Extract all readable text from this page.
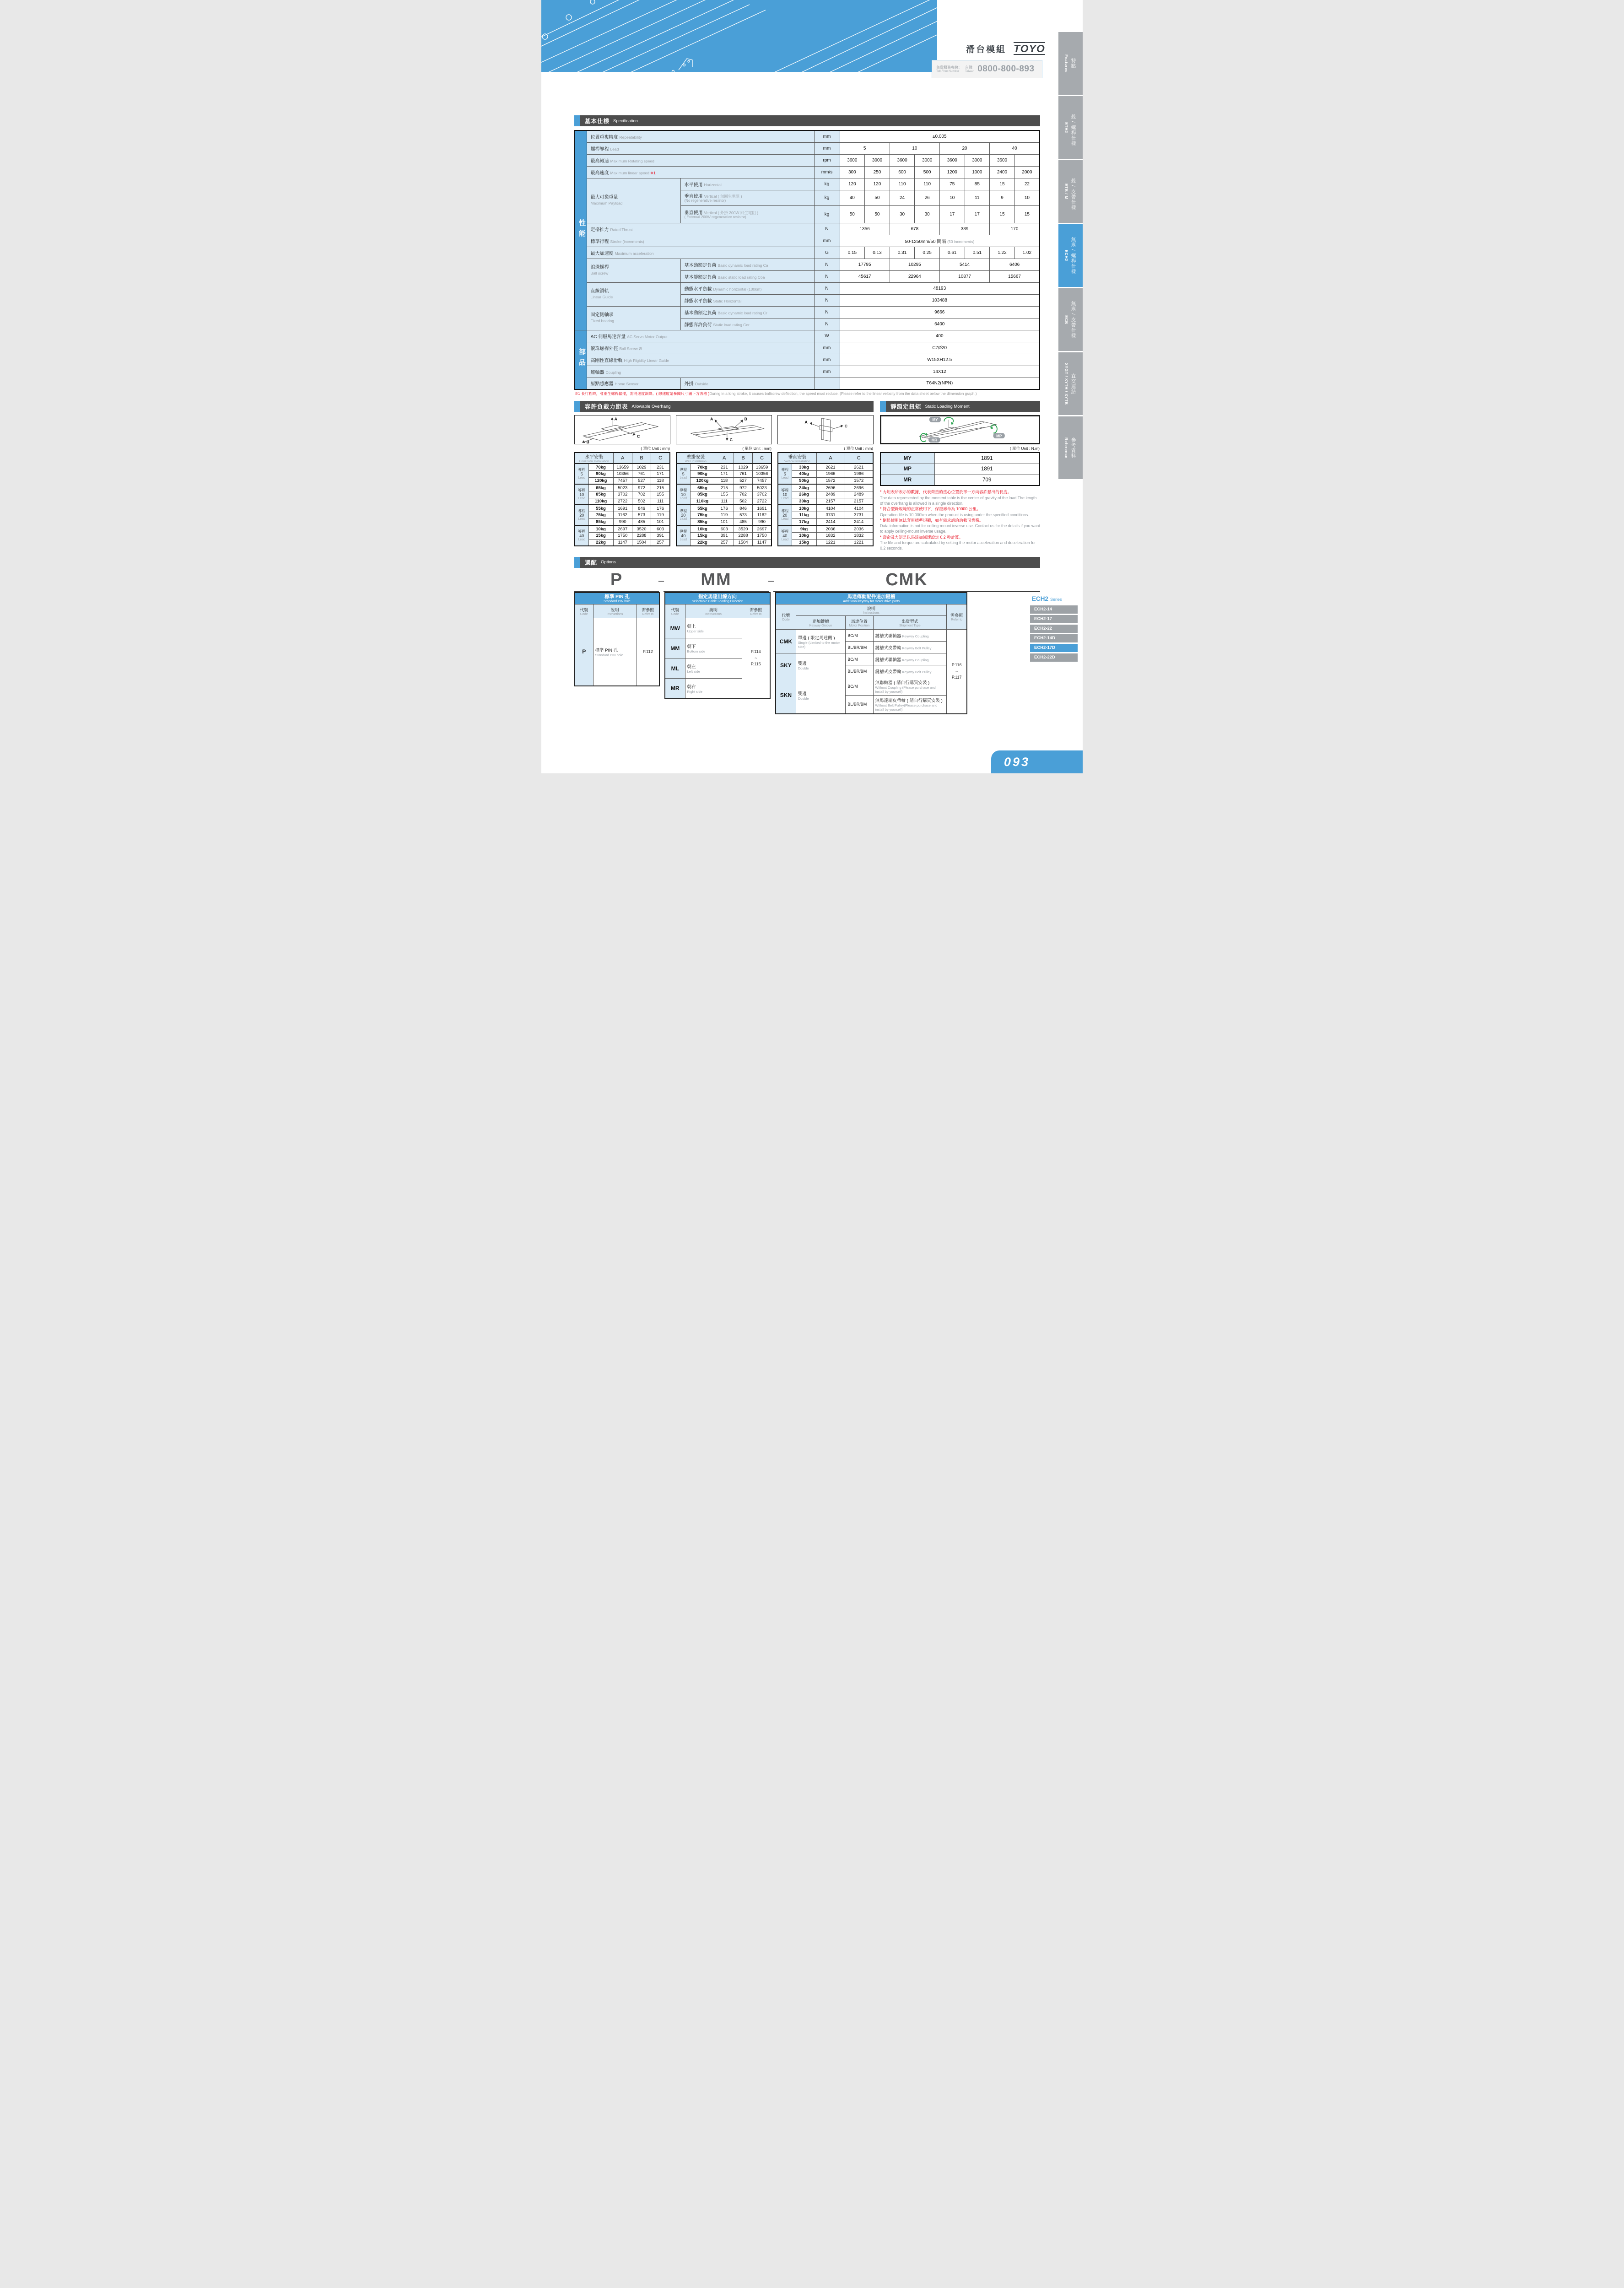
滑台模組 TOYO
免費服務專線：
Toll-Free Number
台灣
Taiwan 0800-800-893	Features 特點
ETH2 一般 / 螺桿仕樣
ETB / M 一般 / 皮帶仕樣
ECH2 無塵 / 螺桿仕樣
ECB 無塵 / 皮帶仕樣
XYGT / XYTH / XYTB 直交連結
Reference 參考資料
基本仕樣 Specification
性能	位置重複精度 Repeatability		mm	±0.005							
	螺桿導程 Lead		mm	5		10		20		40	
	最高轉速 Maximum Rotating speed		rpm	3600	3000	3600	3000	3600	3000	3600	
	最高速度 Maximum linear speed ※1		mm/s	300	250	600	500	1200	1000	2400	2000

	最大可搬重量
Maximum Payload	水平使用 Horizontal	kg	120	120	110	110	75	85	15	22
		垂直使用 Vertical ( 無回生電阻 )
(No regenerative resistor)	kg	40	50	24	26	10	11	9	10
		垂直使用 Vertical ( 外掛 200W 回生電阻 )
( External 200W regenerative resistor)	kg	50	50	30	30	17	17	15	15
	定格推力 Rated Thrust		N	1356		678		339		170	
	標準行程 Stroke (increments)		mm	50-1250mm/50 間隔 (50 increments)							
	最大加速度 Maximum acceleration		G	0.15	0.13	0.31	0.25	0.61	0.51	1.22	1.02

	滾珠螺桿
Ball screw	基本動額定負荷 Basic dynamic load rating Ca	N	17795		10295		5414		6406	
		基本靜額定負荷 Basic static load rating Coa	N	45617		22964		10877		15667	

	直線滑軌
Linear Guide	動態水平負載 Dynamic horizontal (100km)	N	48193							
		靜態水平負載 Static Horizontal	N	103488							

	固定側軸承
Fixed bearing	基本動額定負荷 Basic dynamic load rating Cr	N	9666							
		靜態容許負荷 Static load rating Cor	N	6400							
部品	AC 伺服馬達容量 AC Servo Motor Output		W	400							
	滾珠螺桿外徑 Ball Screw Ø		mm	C7Ø20							
	高剛性直線滑軌 High Rigidity Linear Guide		mm	W15XH12.5							
	連軸器 Coupling		mm	14X12							
	原點感應器 Home Sensor	外掛 Outside		T64N2(NPN)							

※1 長行程時，會產生螺桿偏擺，需將速度調降。( 線速度請參閱尺寸圖下方表格 )During in a long stroke, it causes ballscrew deflection, the speed must reduce. (Please refer to the linear velocity from the data sheet below the dimension graph.)

容許負載力距表 Allowable Overhang
A
B
C
( 單位 Unit : mm)
水平安裝
Horizontal Installation		A	B	C

導程
5
Lead	70kg	13659	1029	231
	90kg	10356	761	171
	120kg	7457	527	118

導程
10
Lead	65kg	5023	972	215
	85kg	3702	702	155
	110kg	2722	502	111

導程
20
Lead	55kg	1691	846	176
	75kg	1162	573	119
	85kg	990	485	101

導程
40
Lead	10kg	2697	3520	603
	15kg	1750	2288	391
	22kg	1147	1504	257
A	B
C
( 單位 Unit : mm)
壁掛安裝
Wall Installation		A	B	C

導程
5
Lead	70kg	231	1029	13659
	90kg	171	761	10356
	120kg	118	527	7457

導程
10
Lead	65kg	215	972	5023
	85kg	155	702	3702
	110kg	111	502	2722

導程
20
Lead	55kg	176	846	1691
	75kg	119	573	1162
	85kg	101	485	990

導程
40
Lead	10kg	603	3520	2697
	15kg	391	2288	1750
	22kg	257	1504	1147
A
C
( 單位 Unit : mm)
垂直安裝
Vertical Installation		A	C

導程
5
Lead	30kg	2621	2621
	40kg	1966	1966
	50kg	1572	1572

導程
10
Lead	24kg	2696	2696
	26kg	2489	2489
	30kg	2157	2157

導程
20
Lead	10kg	4104	4104
	11kg	3731	3731
	17kg	2414	2414

導程
40
Lead	9kg	2036	2036
	10kg	1832	1832
	15kg	1221	1221
靜額定扭矩 Static Loading Moment
MY
MP
MR
( 單位 Unit : N.m)
MY	1891
MP	1891
MR	709

* 力矩表所表示的數據，代表荷重的重心位置於單一方向容許懸出的長度。

The data represented by the moment table is the center of gravity of the load.The length of the overhang is allowed in a single direction.

* 符合型錄規範的正常使用下，保證壽命為 10000 公里。

Operation life is 10,000km when the product is using under the specified conditions.

* 倒吊使用無法套用標準規範，如有需求請洽詢我司業務。

Data information is not for ceiling-mount inverse use. Contact us for the details if you want to apply ceiling-mount inverse usage.

* 壽命及力矩是以馬達加減速設定 0.2 秒計算。

The life and torque are calculated by setting the motor acceleration and deceleration for 0.2 seconds.

選配 Options
P	–	MM	–	CMK
標準 PIN 孔
Standard PIN hole		

代號
Code	說明
Instructions	需參照
Refer to

P	標準 PIN 孔
Standard PIN hole	P.112
指定馬達出線方向
Selectable Cable Leading Direction		

代號
Code	說明
Instructions	需參照
Refer to

MW	朝上
Upper side	P.114
~
P.115

MM	朝下
Bottom side	

ML	朝左
Left side	

MR	朝右
Right side	
馬達傳動配件追加鍵槽
Additional keyway for motor drive parts				

代號
Code	說明
Instructions			需參照
Refer to

	追加鍵槽
Keyway Groove	馬達位置
Motor Position	出貨型式
Shipment Type	

CMK	單邊 ( 限定馬達側 )
Single (Limited to the motor side)	BC/M	鍵槽式聯軸器 Keyway Coupling	P.116
~
P.117

		BL/BR/BM	鍵槽式皮帶輪 Keyway Belt Pulley	
SKY	雙邊
Double	BC/M	鍵槽式聯軸器 Keyway Coupling	
		BL/BR/BM	鍵槽式皮帶輪 Keyway Belt Pulley	
SKN	雙邊
Double	BC/M	無聯軸器 ( 請自行購買安裝 )
Without Coupling (Please purchase and install by yourself)	

		BL/BR/BM	無馬達端皮帶輪 ( 請自行購買安裝 )
Without Belt Pulley(Please purchase and install by yourself)	
ECH2 Series
ECH2-14
ECH2-17
ECH2-22
ECH2-14D
ECH2-17D
ECH2-22D
093
